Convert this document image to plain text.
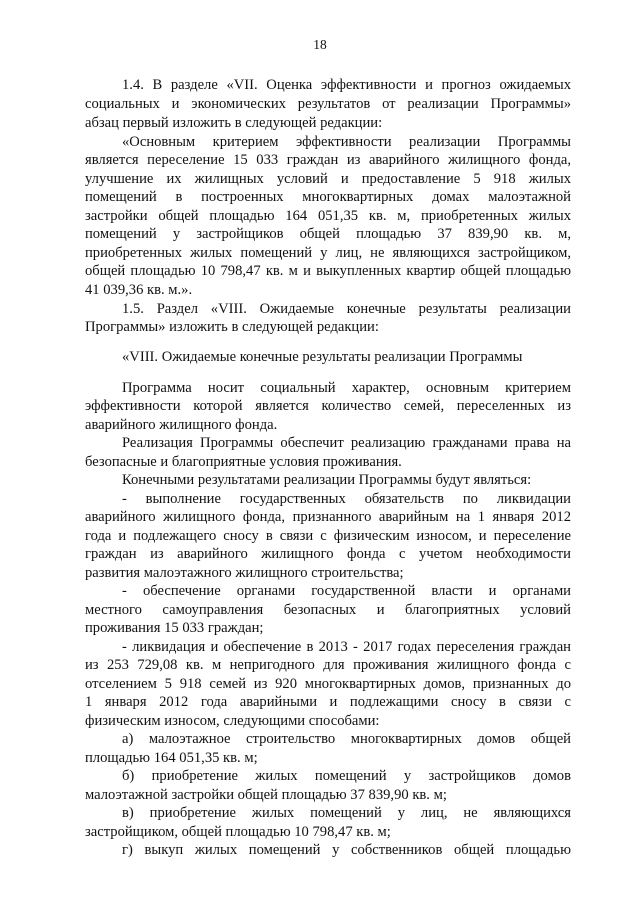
18
1.4. В разделе «VII. Оценка эффективности и прогноз ожидаемых
социальных и экономических результатов от реализации Программы»
абзац первый изложить в следующей редакции:
«Основным критерием эффективности реализации Программы
является переселение 15 033 граждан из аварийного жилищного фонда,
улучшение их жилищных условий и предоставление 5 918 жилых
помещений в построенных многоквартирных домах малоэтажной
застройки общей площадью 164 051,35 кв. м, приобретенных жилых
помещений у застройщиков общей площадью 37 839,90 кв. м,
приобретенных жилых помещений у лиц, не являющихся застройщиком,
общей площадью 10 798,47 кв. м и выкупленных квартир общей площадью
41 039,36 кв. м.».
1.5. Раздел «VIII. Ожидаемые конечные результаты реализации
Программы» изложить в следующей редакции:
«VIII. Ожидаемые конечные результаты реализации Программы
Программа носит социальный характер, основным критерием
эффективности которой является количество семей, переселенных из
аварийного жилищного фонда.
Реализация Программы обеспечит реализацию гражданами права на
безопасные и благоприятные условия проживания.
Конечными результатами реализации Программы будут являться:
- выполнение государственных обязательств по ликвидации
аварийного жилищного фонда, признанного аварийным на 1 января 2012
года и подлежащего сносу в связи с физическим износом, и переселение
граждан из аварийного жилищного фонда с учетом необходимости
развития малоэтажного жилищного строительства;
- обеспечение органами государственной власти и органами
местного самоуправления безопасных и благоприятных условий
проживания 15 033 граждан;
- ликвидация и обеспечение в 2013 - 2017 годах переселения граждан
из 253 729,08 кв. м непригодного для проживания жилищного фонда с
отселением 5 918 семей из 920 многоквартирных домов, признанных до
1 января 2012 года аварийными и подлежащими сносу в связи с
физическим износом, следующими способами:
а) малоэтажное строительство многоквартирных домов общей
площадью 164 051,35 кв. м;
б) приобретение жилых помещений у застройщиков домов
малоэтажной застройки общей площадью 37 839,90 кв. м;
в) приобретение жилых помещений у лиц, не являющихся
застройщиком, общей площадью 10 798,47 кв. м;
г) выкуп жилых помещений у собственников общей площадью
